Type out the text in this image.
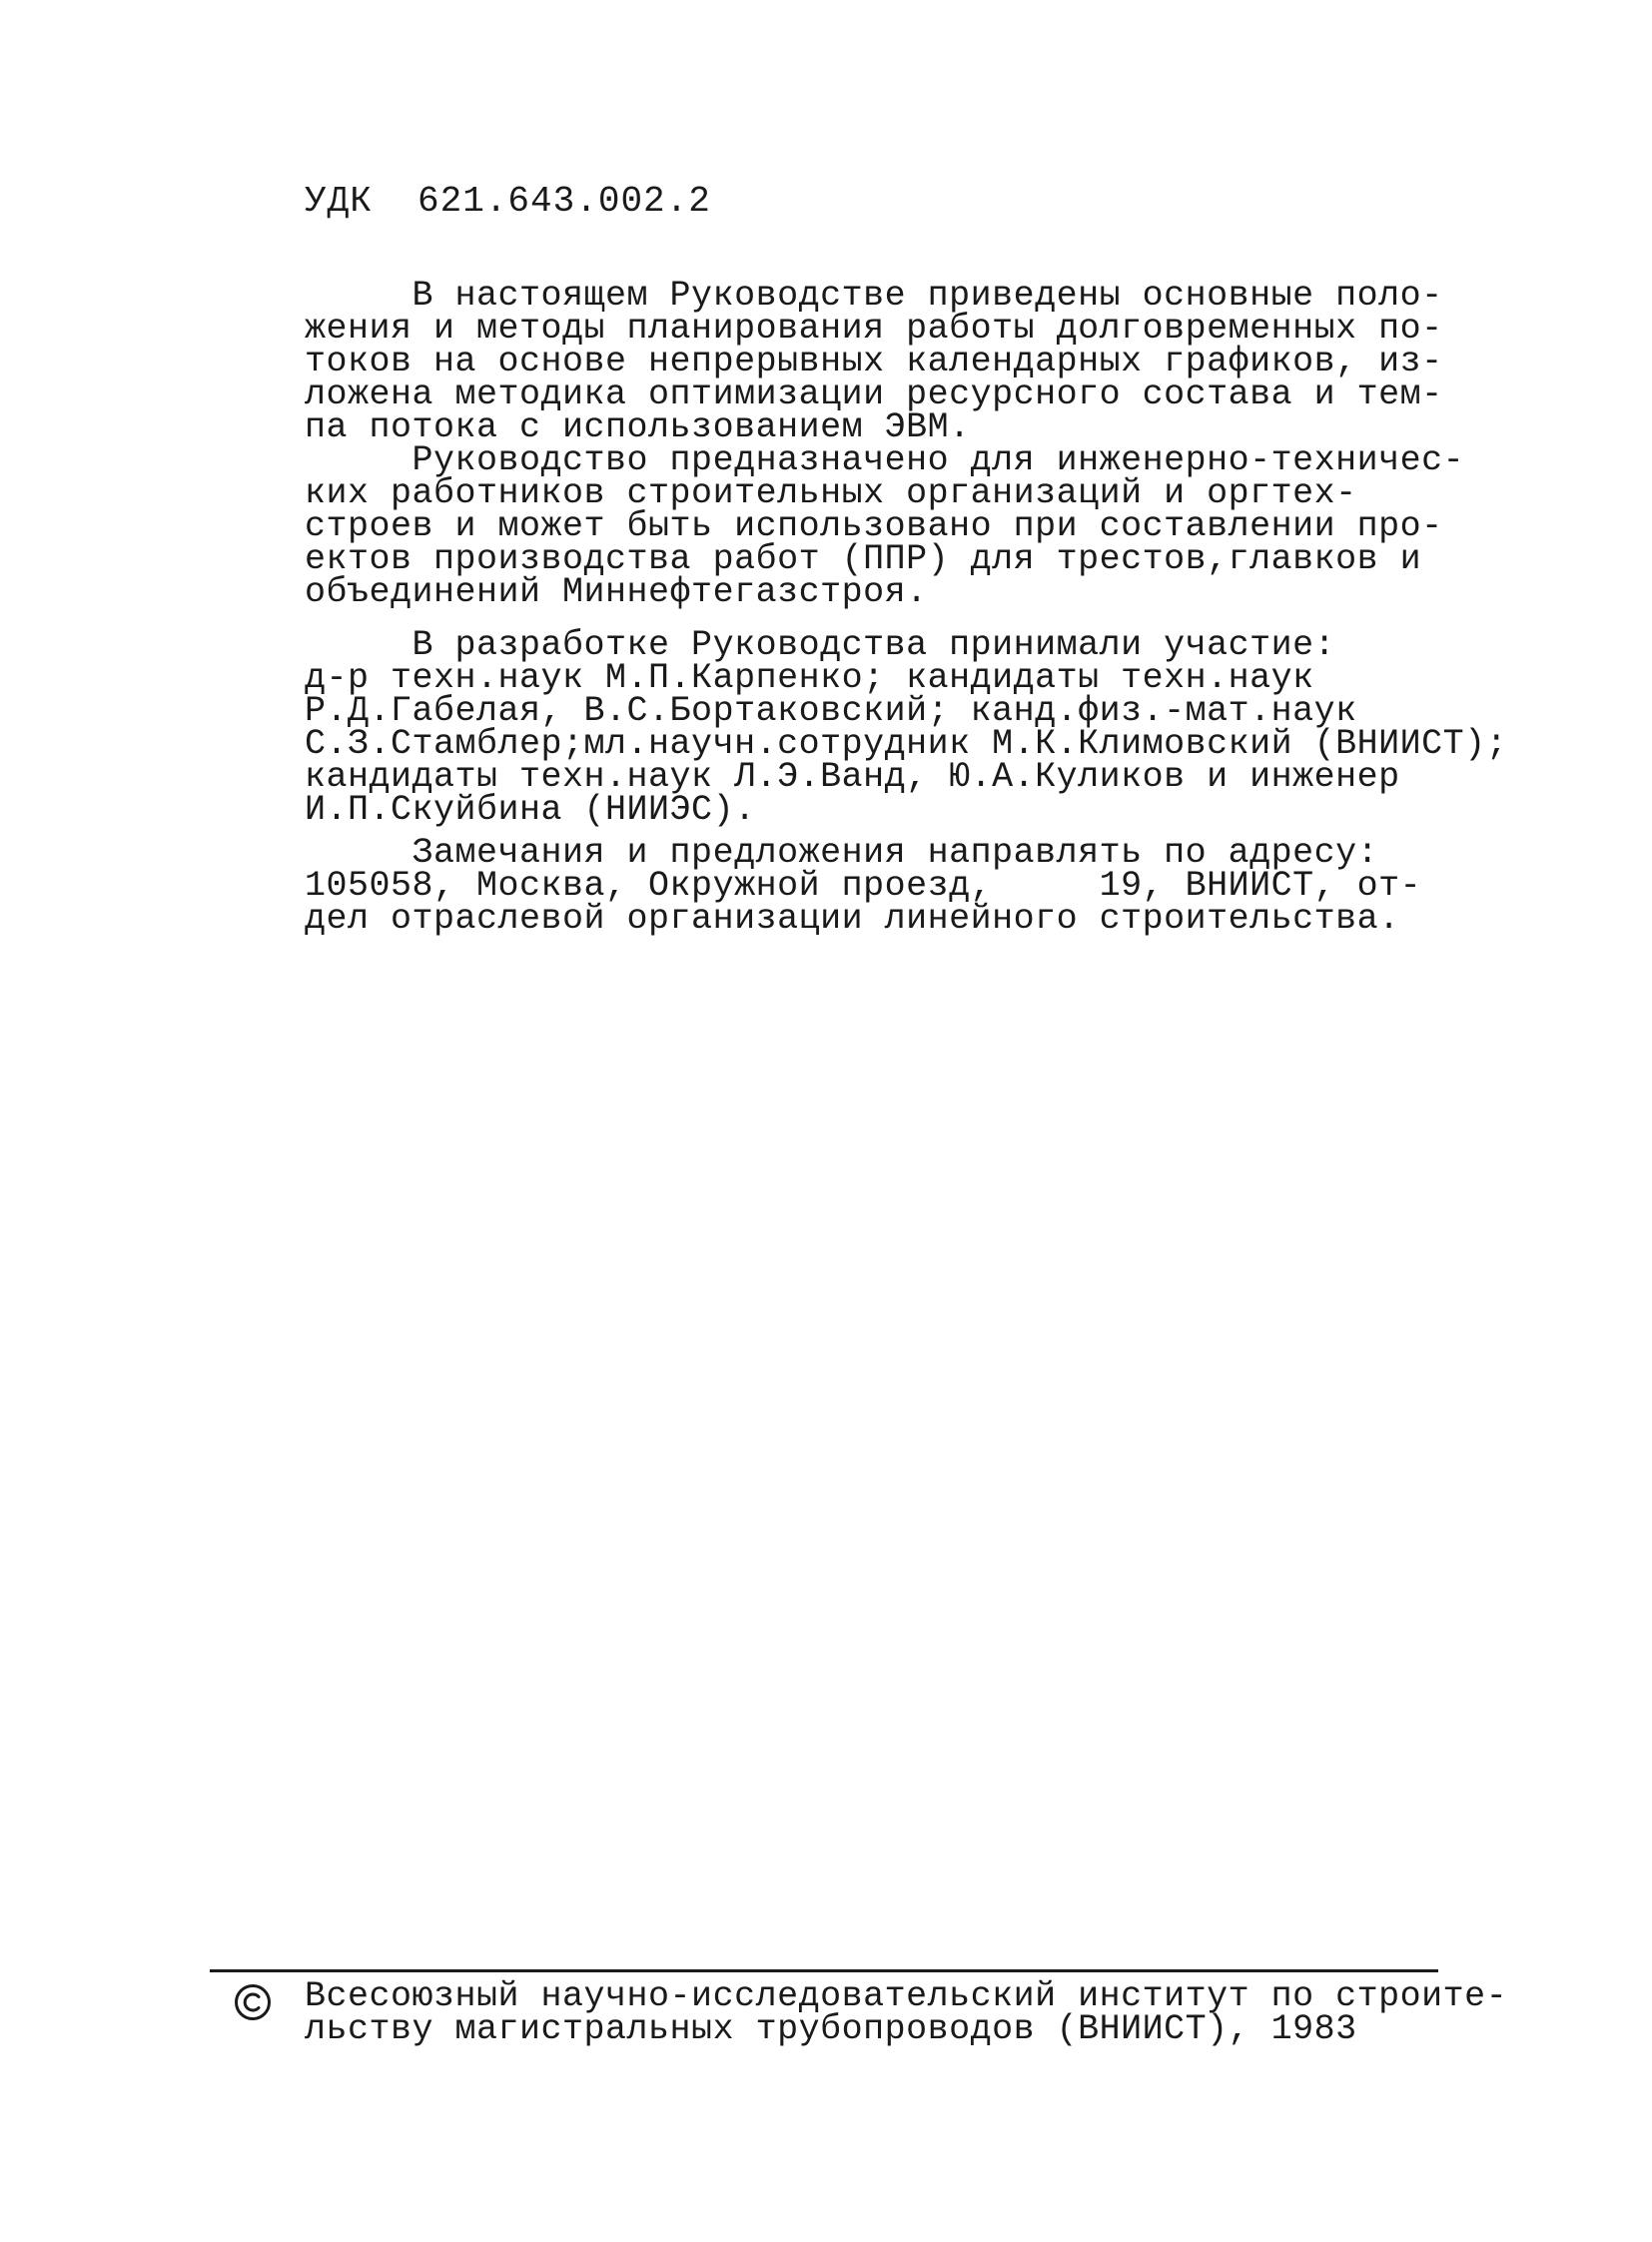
УДК  621.643.002.2

В настоящем Руководстве приведены основные поло-
жения и методы планирования работы долговременных по-
токов на основе непрерывных календарных графиков, из-
ложена методика оптимизации ресурсного состава и тем-
па потока с использованием ЭВМ.

Руководство предназначено для инженерно-техничес-
ких работников строительных организаций и оргтех-
строев и может быть использовано при составлении про-
ектов производства работ (ППР) для трестов,главков и
объединений Миннефтегазстроя.

В разработке Руководства принимали участие:
д-р техн.наук М.П.Карпенко; кандидаты техн.наук
Р.Д.Габелая, В.С.Бортаковский; канд.физ.-мат.наук
С.З.Стамблер;мл.научн.сотрудник М.К.Климовский (ВНИИСТ);
кандидаты техн.наук Л.Э.Ванд, Ю.А.Куликов и инженер
И.П.Скуйбина (НИИЭС).

Замечания и предложения направлять по адресу:
105058, Москва, Окружной проезд,     19, ВНИИСТ, от-
дел отраслевой организации линейного строительства.

Всесоюзный научно-исследовательский институт по строите-
льству магистральных трубопроводов (ВНИИСТ), 1983
